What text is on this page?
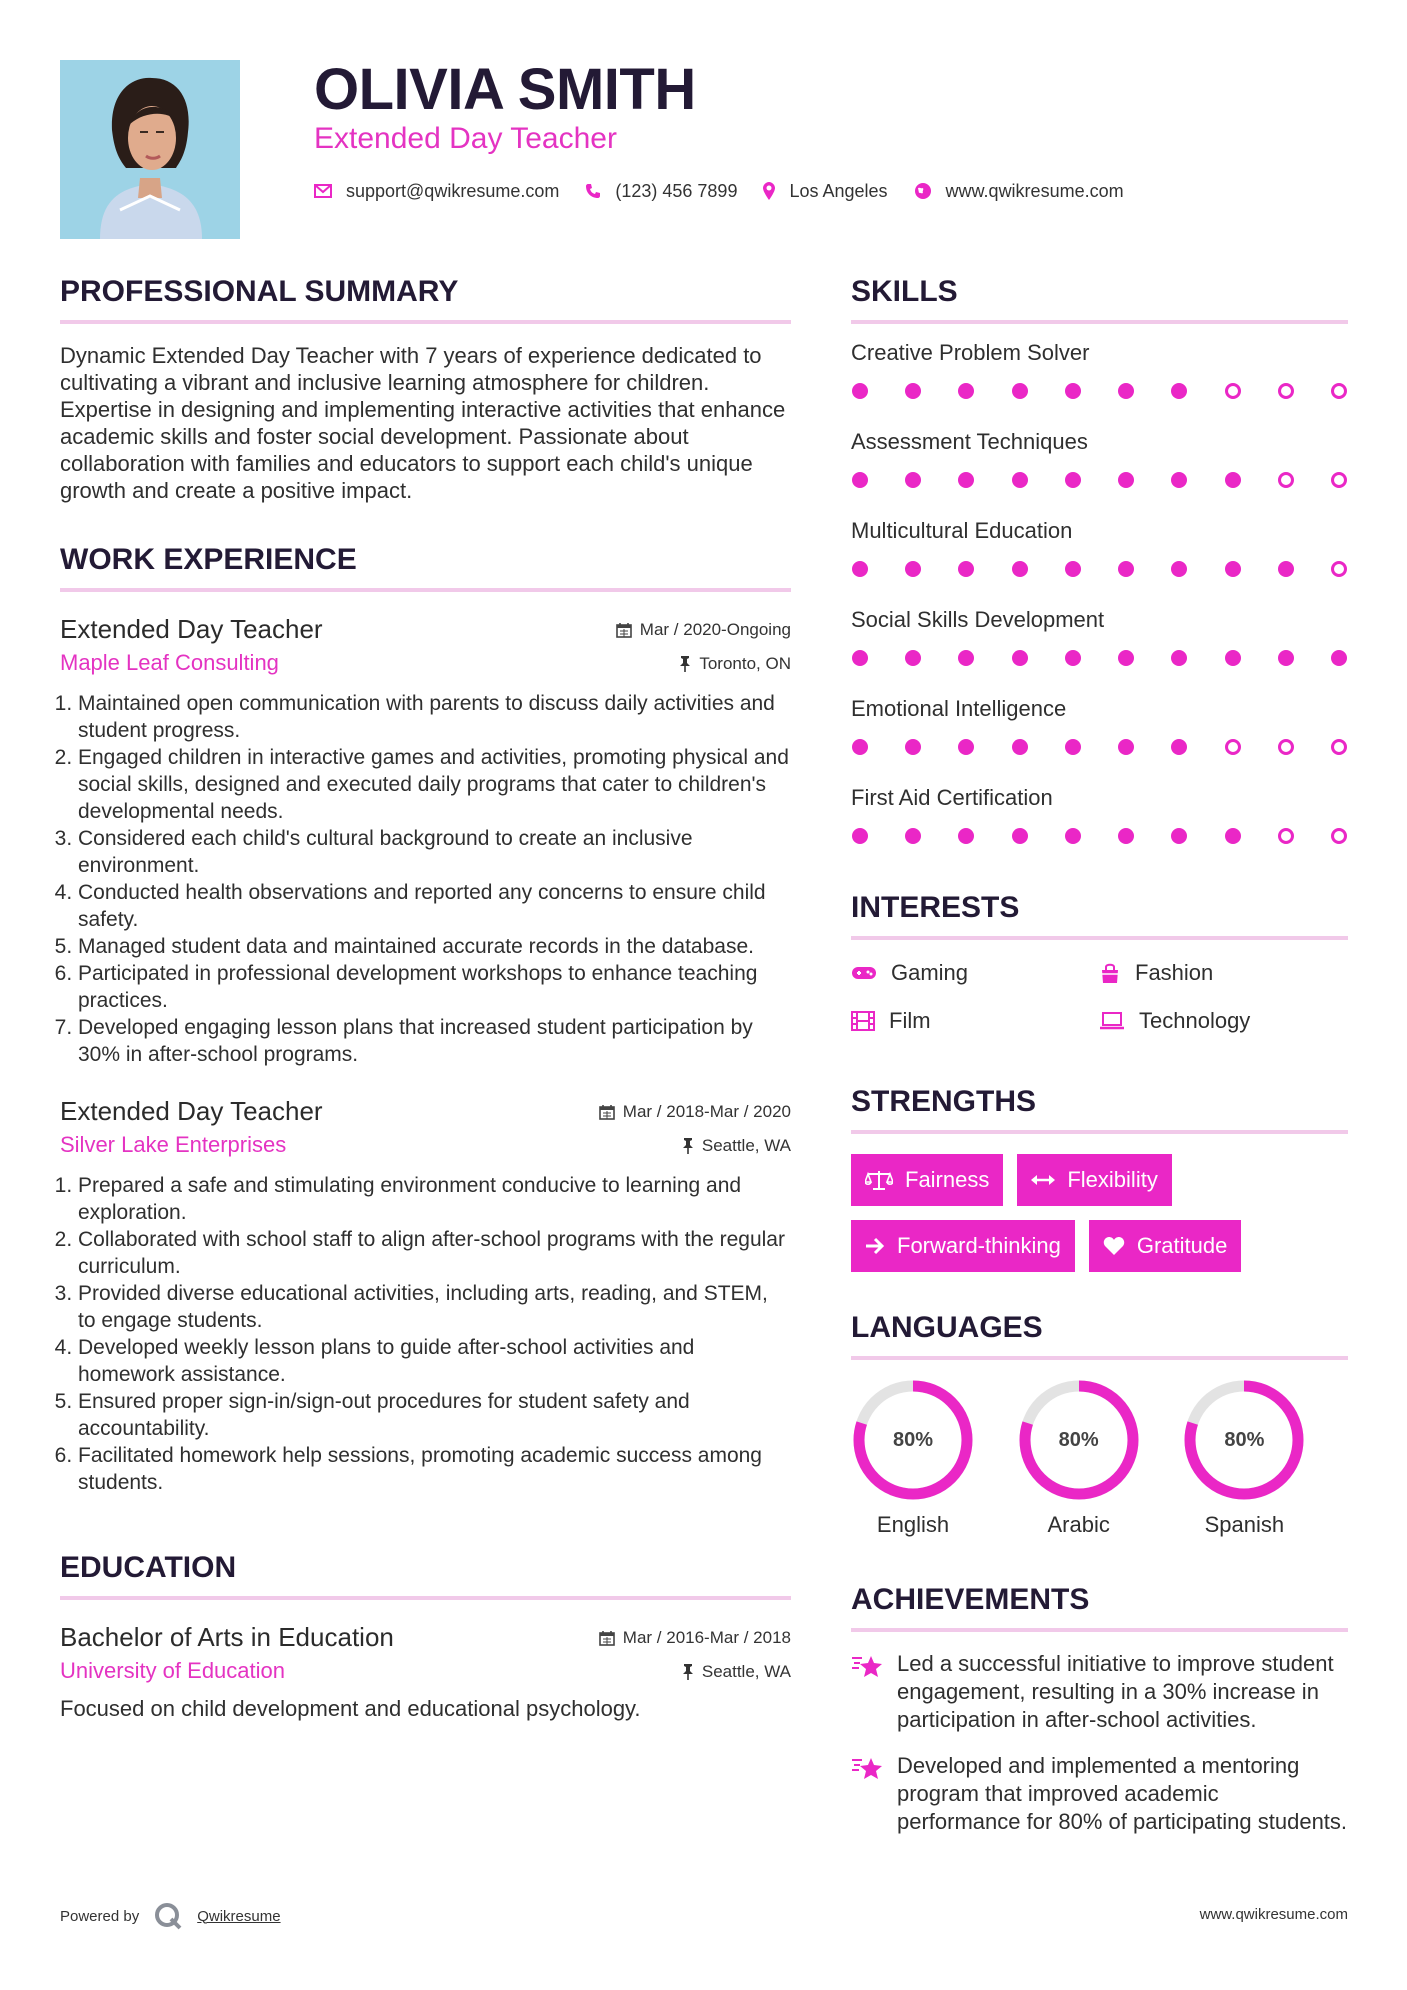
OLIVIA SMITH
Extended Day Teacher
support@qwikresume.com	(123) 456 7899	Los Angeles	www.qwikresume.com
PROFESSIONAL SUMMARY
Dynamic Extended Day Teacher with 7 years of experience dedicated to cultivating a vibrant and inclusive learning atmosphere for children. Expertise in designing and implementing interactive activities that enhance academic skills and foster social development. Passionate about collaboration with families and educators to support each child's unique growth and create a positive impact.
WORK EXPERIENCE
Extended Day Teacher	Mar / 2020-Ongoing
Maple Leaf Consulting	Toronto, ON
1. Maintained open communication with parents to discuss daily activities and student progress.
2. Engaged children in interactive games and activities, promoting physical and social skills, designed and executed daily programs that cater to children's developmental needs.
3. Considered each child's cultural background to create an inclusive environment.
4. Conducted health observations and reported any concerns to ensure child safety.
5. Managed student data and maintained accurate records in the database.
6. Participated in professional development workshops to enhance teaching practices.
7. Developed engaging lesson plans that increased student participation by 30% in after-school programs.
Extended Day Teacher	Mar / 2018-Mar / 2020
Silver Lake Enterprises	Seattle, WA
1. Prepared a safe and stimulating environment conducive to learning and exploration.
2. Collaborated with school staff to align after-school programs with the regular curriculum.
3. Provided diverse educational activities, including arts, reading, and STEM, to engage students.
4. Developed weekly lesson plans to guide after-school activities and homework assistance.
5. Ensured proper sign-in/sign-out procedures for student safety and accountability.
6. Facilitated homework help sessions, promoting academic success among students.
EDUCATION
Bachelor of Arts in Education	Mar / 2016-Mar / 2018
University of Education	Seattle, WA
Focused on child development and educational psychology.
SKILLS
Creative Problem Solver
Assessment Techniques
Multicultural Education
Social Skills Development
Emotional Intelligence
First Aid Certification
INTERESTS
Gaming	Fashion
Film	Technology
STRENGTHS
Fairness	Flexibility
Forward-thinking	Gratitude
LANGUAGES
80%
English
80%
Arabic
80%
Spanish
ACHIEVEMENTS
Led a successful initiative to improve student engagement, resulting in a 30% increase in participation in after-school activities.
Developed and implemented a mentoring program that improved academic performance for 80% of participating students.
Powered by	Qwikresume	www.qwikresume.com
